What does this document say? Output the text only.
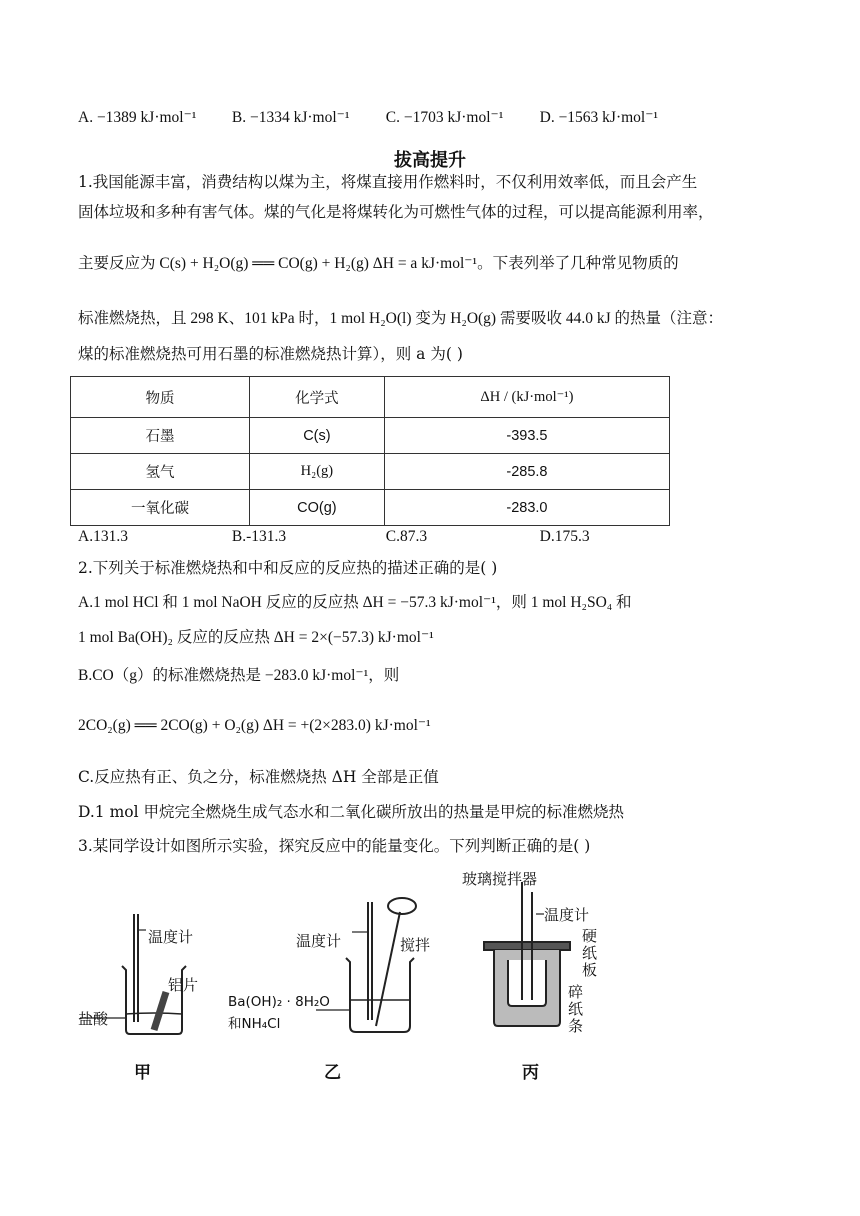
A. −1389 kJ·mol⁻¹ B. −1334 kJ·mol⁻¹ C. −1703 kJ·mol⁻¹ D. −1563 kJ·mol⁻¹
拔高提升
1.我国能源丰富，消费结构以煤为主，将煤直接用作燃料时，不仅利用效率低，而且会产生
固体垃圾和多种有害气体。煤的气化是将煤转化为可燃性气体的过程，可以提高能源利用率，
主要反应为 C(s) + H₂O(g) ══ CO(g) + H₂(g) ΔH = a kJ·mol⁻¹。下表列举了几种常见物质的
标准燃烧热，且 298 K、101 kPa 时，1 mol H₂O(l) 变为 H₂O(g) 需要吸收 44.0 kJ 的热量（注意：
煤的标准燃烧热可用石墨的标准燃烧热计算），则 a 为( )
物质	化学式	ΔH / (kJ·mol⁻¹)
石墨	C(s)	-393.5
氢气	H₂(g)	-285.8
一氧化碳	CO(g)	-283.0
A.131.3	B.-131.3	C.87.3	D.175.3
2.下列关于标准燃烧热和中和反应的反应热的描述正确的是( )
A.1 mol HCl 和 1 mol NaOH 反应的反应热 ΔH = −57.3 kJ·mol⁻¹，则 1 mol H₂SO₄ 和
1 mol Ba(OH)₂ 反应的反应热 ΔH = 2×(−57.3) kJ·mol⁻¹
B.CO（g）的标准燃烧热是 −283.0 kJ·mol⁻¹，则
2CO₂(g) ══ 2CO(g) + O₂(g) ΔH = +(2×283.0) kJ·mol⁻¹
C.反应热有正、负之分，标准燃烧热 ΔH 全部是正值
D.1 mol 甲烷完全燃烧生成气态水和二氧化碳所放出的热量是甲烷的标准燃烧热
3.某同学设计如图所示实验，探究反应中的能量变化。下列判断正确的是( )
温度计
铝片
盐酸
甲
温度计	搅拌
Ba(OH)₂ · 8H₂O
和NH₄Cl
乙
玻璃搅拌器
温度计
硬
纸
板
碎
纸
条
丙
